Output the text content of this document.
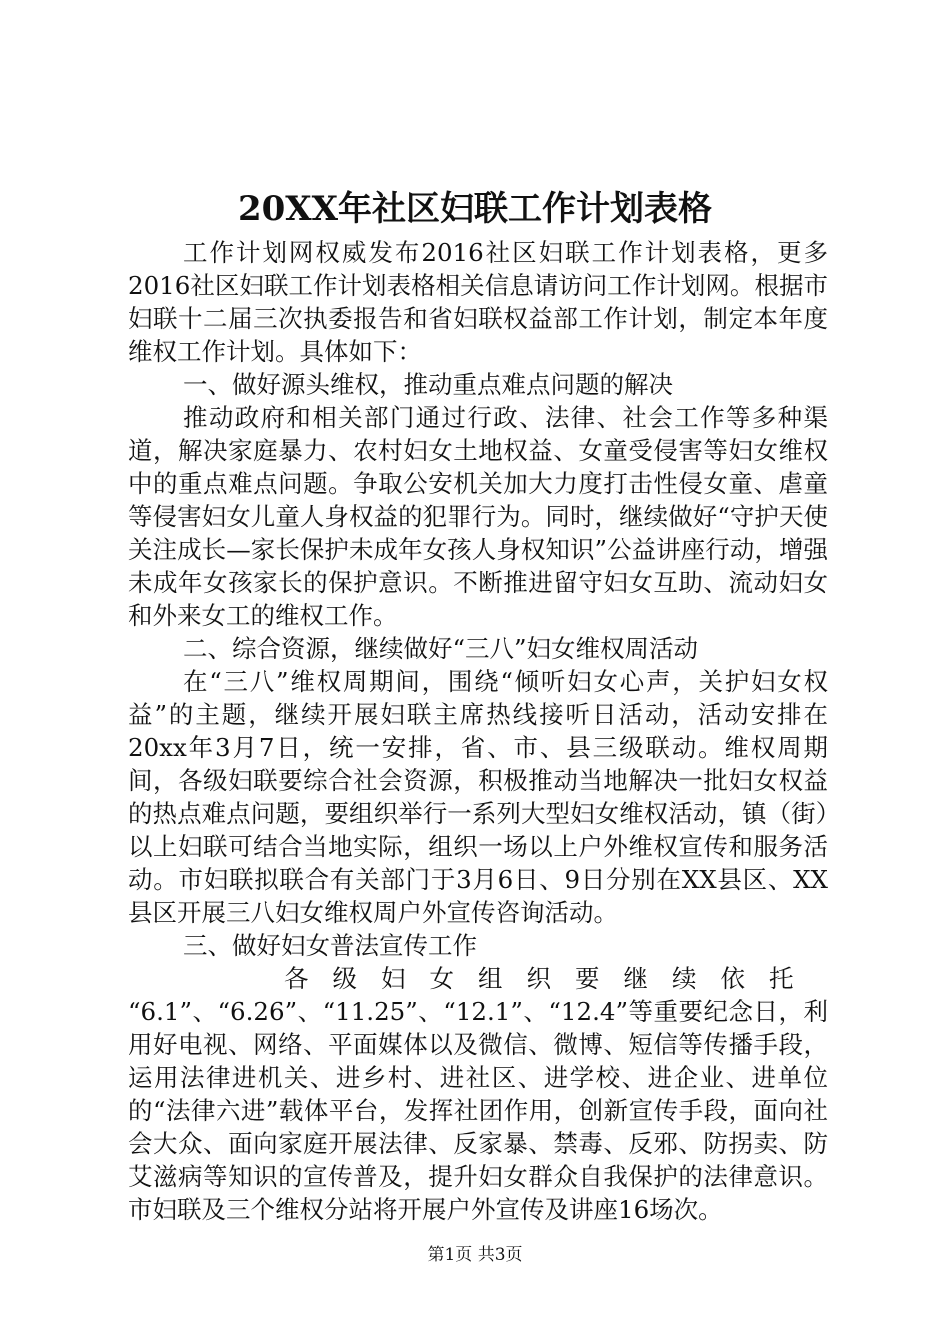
20XX年社区妇联工作计划表格

工作计划网权威发布2016社区妇联工作计划表格，更多2016社区妇联工作计划表格相关信息请访问工作计划网。根据市妇联十二届三次执委报告和省妇联权益部工作计划，制定本年度维权工作计划。具体如下：

一、做好源头维权，推动重点难点问题的解决

推动政府和相关部门通过行政、法律、社会工作等多种渠道，解决家庭暴力、农村妇女土地权益、女童受侵害等妇女维权中的重点难点问题。争取公安机关加大力度打击性侵女童、虐童等侵害妇女儿童人身权益的犯罪行为。同时，继续做好“守护天使关注成长—家长保护未成年女孩人身权知识”公益讲座行动，增强未成年女孩家长的保护意识。不断推进留守妇女互助、流动妇女和外来女工的维权工作。

二、综合资源，继续做好“三八”妇女维权周活动

在“三八”维权周期间，围绕“倾听妇女心声，关护妇女权益”的主题，继续开展妇联主席热线接听日活动，活动安排在20xx年3月7日，统一安排，省、市、县三级联动。维权周期间，各级妇联要综合社会资源，积极推动当地解决一批妇女权益的热点难点问题，要组织举行一系列大型妇女维权活动，镇（街）以上妇联可结合当地实际，组织一场以上户外维权宣传和服务活动。市妇联拟联合有关部门于3月6日、9日分别在XX县区、XX县区开展三八妇女维权周户外宣传咨询活动。

三、做好妇女普法宣传工作

各级妇女组织要继续依托

“6.1”、“6.26”、“11.25”、“12.1”、“12.4”等重要纪念日，利用好电视、网络、平面媒体以及微信、微博、短信等传播手段，运用法律进机关、进乡村、进社区、进学校、进企业、进单位的“法律六进”载体平台，发挥社团作用，创新宣传手段，面向社会大众、面向家庭开展法律、反家暴、禁毒、反邪、防拐卖、防艾滋病等知识的宣传普及，提升妇女群众自我保护的法律意识。市妇联及三个维权分站将开展户外宣传及讲座16场次。

第1页 共3页
